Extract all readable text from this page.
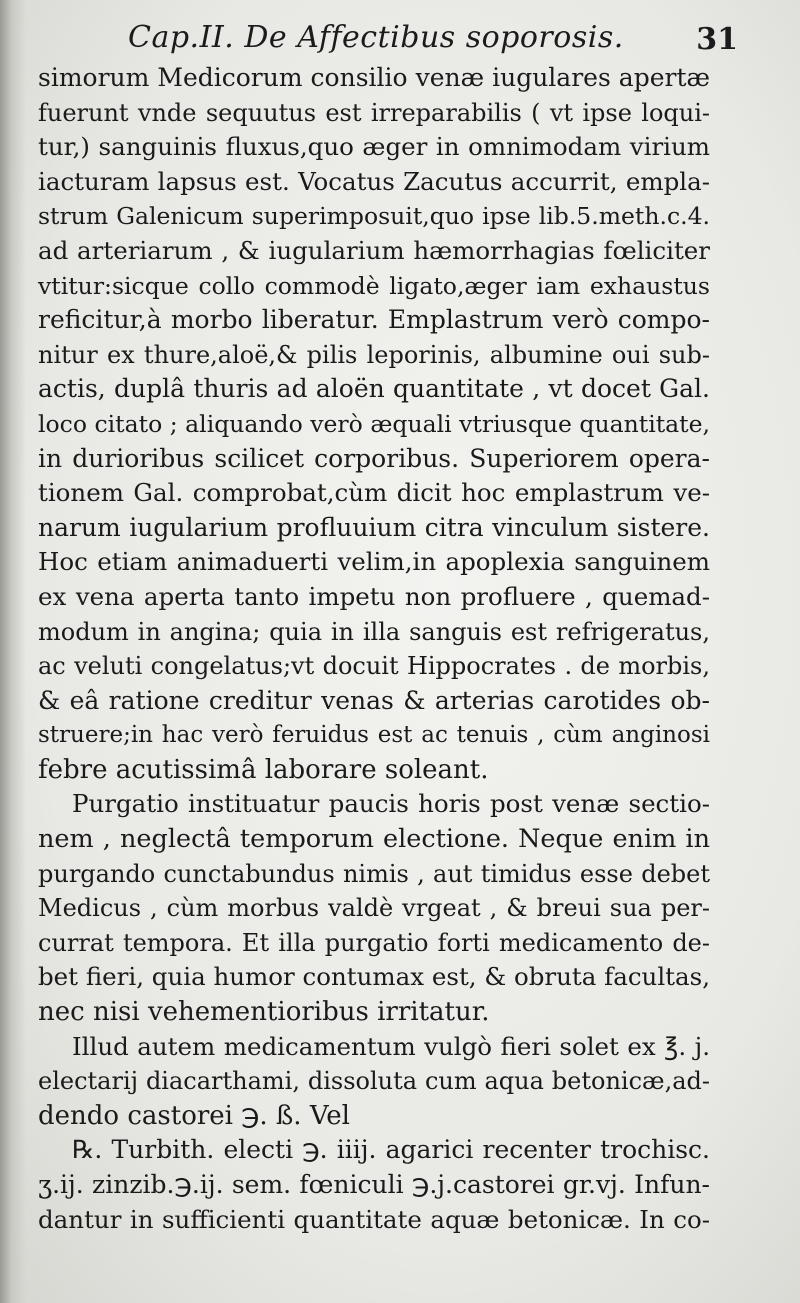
Cap.II. De Affectibus soporosis. 31
simorum Medicorum consilio venæ iugulares apertæ
fuerunt vnde sequutus est irreparabilis ( vt ipse loqui-
tur,) sanguinis fluxus,quo æger in omnimodam virium
iacturam lapsus est. Vocatus Zacutus accurrit, empla-
strum Galenicum superimposuit,quo ipse lib.5.meth.c.4.
ad arteriarum , & iugularium hæmorrhagias fœliciter
vtitur:sicque collo commodè ligato,æger iam exhaustus
reficitur,à morbo liberatur. Emplastrum verò compo-
nitur ex thure,aloë,& pilis leporinis, albumine oui sub-
actis, duplâ thuris ad aloën quantitate , vt docet Gal.
loco citato ; aliquando verò æquali vtriusque quantitate,
in durioribus scilicet corporibus. Superiorem opera-
tionem Gal. comprobat,cùm dicit hoc emplastrum ve-
narum iugularium profluuium citra vinculum sistere.
Hoc etiam animaduerti velim,in apoplexia sanguinem
ex vena aperta tanto impetu non profluere , quemad-
modum in angina; quia in illa sanguis est refrigeratus,
ac veluti congelatus;vt docuit Hippocrates . de morbis,
& eâ ratione creditur venas & arterias carotides ob-
struere;in hac verò feruidus est ac tenuis , cùm anginosi
febre acutissimâ laborare soleant.
Purgatio instituatur paucis horis post venæ sectio-
nem , neglectâ temporum electione. Neque enim in
purgando cunctabundus nimis , aut timidus esse debet
Medicus , cùm morbus valdè vrgeat , & breui sua per-
currat tempora. Et illa purgatio forti medicamento de-
bet fieri, quia humor contumax est, & obruta facultas,
nec nisi vehementioribus irritatur.
Illud autem medicamentum vulgò fieri solet ex ℥. j.
electarij diacarthami, dissoluta cum aqua betonicæ,ad-
dendo castorei ℈. ß. Vel
℞. Turbith. electi ℈. iiij. agarici recenter trochisc.
ʒ.ij. zinzib.℈.ij. sem. fœniculi ℈.j.castorei gr.vj. Infun-
dantur in sufficienti quantitate aquæ betonicæ. In co-
